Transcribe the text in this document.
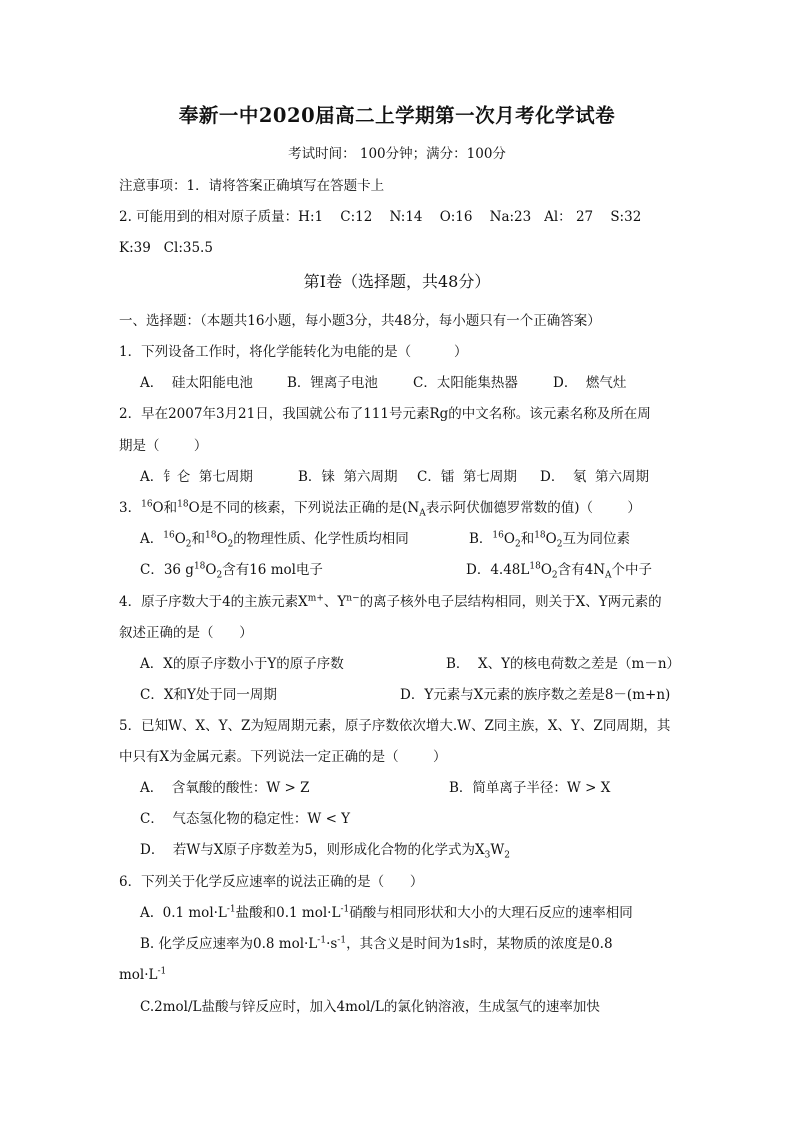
奉新一中2020届高二上学期第一次月考化学试卷
考试时间： 100分钟；满分：100分
注意事项：1．请将答案正确填写在答题卡上
2. 可能用到的相对原子质量：H:1    C:12    N:14    O:16    Na:23   Al： 27    S:32
K:39   Cl:35.5
第Ⅰ卷（选择题，共48分）
一、选择题：（本题共16小题，每小题3分，共48分，每小题只有一个正确答案）
1．下列设备工作时，将化学能转化为电能的是（          ）
A．  硅太阳能电池	B．锂离子电池	C．太阳能集热器	D．  燃气灶
2．早在2007年3月21日，我国就公布了111号元素Rg的中文名称。该元素名称及所在周
期是（        ）
A．钅仑  第七周期	B．铼  第六周期 C．镭  第七周期 D．  氡  第六周期
3．$^{16}$O和$^{18}$O是不同的核素，下列说法正确的是($N_A$表示阿伏伽德罗常数的值)（        ）
A．$^{16}O_2$和$^{18}O_2$的物理性质、化学性质均相同	B．$^{16}O_2$和$^{18}O_2$互为同位素
C．36 $g^{18}O_2$含有16 mol电子	D．$4.48L^{18}O_2$含有$4N_A$个中子
4．原子序数大于4的主族元素$X^{m+}$、$Y^{n-}$的离子核外电子层结构相同，则关于X、Y两元素的
叙述正确的是（      ）
A．X的原子序数小于Y的原子序数	B．  X、Y的核电荷数之差是（m－n）
C．X和Y处于同一周期	D．Y元素与X元素的族序数之差是8－(m+n)
5．已知W、X、Y、Z为短周期元素，原子序数依次增大.W、Z同主族，X、Y、Z同周期，其
中只有X为金属元素。下列说法一定正确的是（        ）
A．  含氧酸的酸性：W > Z	B．简单离子半径：W > X
C．  气态氢化物的稳定性：W < Y
D．  若W与X原子序数差为5，则形成化合物的化学式为$X_3W_2$
6．下列关于化学反应速率的说法正确的是（      ）
A.  0.1 $mol\cdot L^{-1}$盐酸和0.1 $mol\cdot L^{-1}$硝酸与相同形状和大小的大理石反应的速率相同
B. 化学反应速率为0.8 $mol\cdot L^{-1}\cdot s^{-1}$，其含义是时间为1s时，某物质的浓度是0.8
$mol\cdot L^{-1}$
C.2mol/L盐酸与锌反应时，加入4mol/L的氯化钠溶液，生成氢气的速率加快
